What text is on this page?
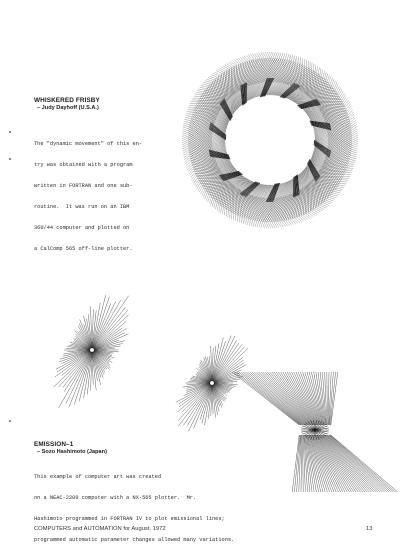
WHISKERED FRISBY
– Judy Dayhoff (U.S.A.)

The "dynamic movement" of this en-

try was obtained with a program

written in FORTRAN and one sub-

routine.  It was run on an IBM

360/44 computer and plotted on

a CalComp 565 off-line plotter.

EMISSION–1
– Sozo Hashimoto (Japan)

This example of computer art was created

on a NEAC-2200 computer with a NX-565 plotter.  Mr.

Hashimoto programmed in FORTRAN IV to plot emissional lines;

programmed automatic parameter changes allowed many variations.

COMPUTERS and AUTOMATION for August, 1972	13
